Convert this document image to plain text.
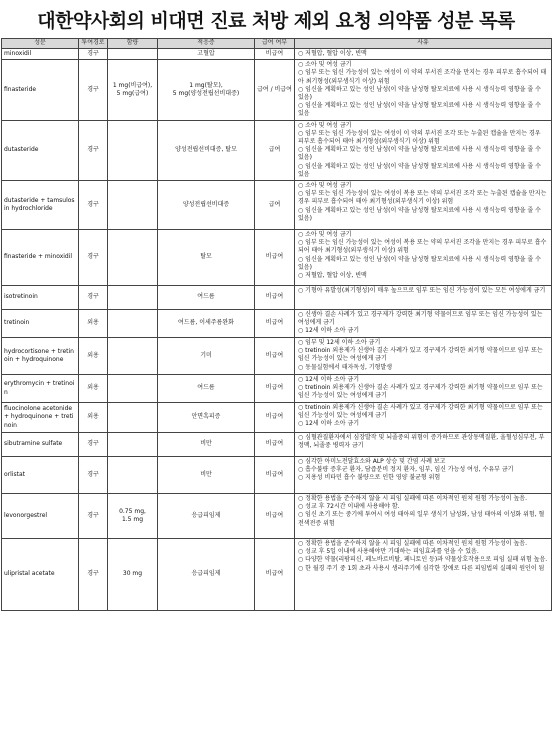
대한약사회의 비대면 진료 처방 제외 요청 의약품 성분 목록
성분	투여경로	함량	적응증	급여 여부	사유
minoxidil	경구		고혈압	비급여	○ 저혈압, 혈압 이상, 빈맥

finasteride	경구	1 mg(비급여),
5 mg(급여)	1 mg(탈모),
5 mg(양성전립선비대증)	급여 / 비급여	○ 소아 및 여성 금기
○ 임부 또는 임신 가능성이 있는 여성이 이 약의 부서진 조각을 만지는 경우 피부로 흡수되어 태아 최기형성(외부생식기 이상) 위험
○ 임신을 계획하고 있는 성인 남성(이 약을 남성형 탈모치료에 사용 시 생식능력 영향을 줄 수 있음)
○ 임신을 계획하고 있는 성인 남성(이 약을 남성형 탈모치료에 사용 시 생식능력 영향을 줄 수 있음

dutasteride	경구		양성전립선비대증, 탈모	급여	○ 소아 및 여성 금기
○ 임부 또는 임신 가능성이 있는 여성이 이 약의 부서진 조각 또는 누출된 캡슐을 만지는 경우 피부로 흡수되어 태아 최기형성(외부생식기 이상) 위험
○ 임신을 계획하고 있는 성인 남성(이 약을 남성형 탈모치료에 사용 시 생식능력 영향을 줄 수 있음)
○ 임신을 계획하고 있는 성인 남성(이 약을 남성형 탈모치료에 사용 시 생식능력 영향을 줄 수 있음

dutasteride + tamsulosin hydrochloride	경구		양성전립선비대증	급여	○ 소아 및 여성 금기
○ 임부 또는 임신 가능성이 있는 여성이 복용 또는 약의 부서진 조각 또는 누출된 캡슐을 만지는 경우 피부로 흡수되어 태아 최기형성(외부생식기 이상) 위험
○ 임신을 계획하고 있는 성인 남성(이 약을 남성형 탈모치료에 사용 시 생식능력 영향을 줄 수 있음)

finasteride + minoxidil	경구		탈모	비급여	○ 소아 및 여성 금기
○ 임부 또는 임신 가능성이 있는 여성이 복용 또는 약의 부서진 조각을 만지는 경우 피부로 흡수되어 태아 최기형성(외부생식기 이상) 위험
○ 임신을 계획하고 있는 성인 남성(이 약을 남성형 탈모치료에 사용 시 생식능력 영향을 줄 수 있음)
○ 저혈압, 혈압 이상, 빈맥

isotretinoin	경구		여드름	비급여	○ 기형아 유발성(최기형성)이 매우 높으므로 임부 또는 임신 가능성이 있는 모든 여성에게 금기

tretinoin	외용		여드름, 이세주름완화	비급여	○ 신생아 결손 사례가 있고 경구제가 강력한 최기형 약물이므로 임부 또는 임신 가능성이 있는 여성에게 금기
○ 12세 이하 소아 금기

hydrocortisone + tretinoin + hydroquinone	외용		기미	비급여	○ 임부 및 12세 이하 소아 금기
○ tretinoin 외용제가 신생아 결손 사례가 있고 경구제가 강력한 최기형 약물이므로 임부 또는 임신 가능성이 있는 여성에게 금기
○ 동물실험에서 태자독성, 기형발생

erythromycin + tretinoin	외용		여드름	비급여	○ 12세 이하 소아 금기
○ tretinoin 외용제가 신생아 결손 사례가 있고 경구제가 강력한 최기형 약물이므로 임부 또는 임신 가능성이 있는 여성에게 금기

fluocinolone acetonide + hydroquinone + tretinoin	외용		안면흑피증	비급여	○ tretinoin 외용제가 신생아 결손 사례가 있고 경구제가 강력한 최기형 약물이므로 임부 또는 임신 가능성이 있는 여성에게 금기
○ 12세 이하 소아 금기

sibutramine sulfate	경구		비만	비급여	○ 심혈관질환자에서 심장발작 및 뇌졸중의 위험이 증가하므로 관상동맥질환, 울혈성심부전, 부정맥, 뇌졸중 병력자 금기

orlistat	경구		비만	비급여	○ 심각한 아미노전달효소와 ALP 상승 및 간염 사례 보고
○ 흡수불량 증후군 환자, 담즙분비 정지 환자, 임부, 임신 가능성 여성, 수유부 금기
○ 지용성 비타민 흡수 불량으로 인한 영양 불균형 위험

levonorgestrel	경구	0.75 mg,
1.5 mg	응급피임제	비급여	○ 정확한 용법을 준수하지 않을 시 피임 실패에 따른 이차적인 원치 원험 가능성이 높음.
○ 성교 후 72시간 이내에 사용해야 함.
○ 임신 초기 또는 중기에 투여시 여성 태아의 일부 생식기 남성화, 남성 태아의 이성화 위험, 혈전색전증 위험

ulipristal acetate	경구	30 mg	응급피임제	비급여	○ 정확한 용법을 준수하지 않을 시 피임 실패에 따른 이차적인 원치 원험 가능성이 높음.
○ 성교 후 5일 이내에 사용해야만 기대하는 피임효과를 얻을 수 있음.
○ 다양한 약물(리팜피신, 페노바르비탈, 페니토인 등)과 약물상호작용으로 피임 실패 위험 높음.
○ 한 월경 주기 중 1회 초과 사용시 생리주기에 심각한 장애로 다른 피임법의 실패의 원인이 됨
